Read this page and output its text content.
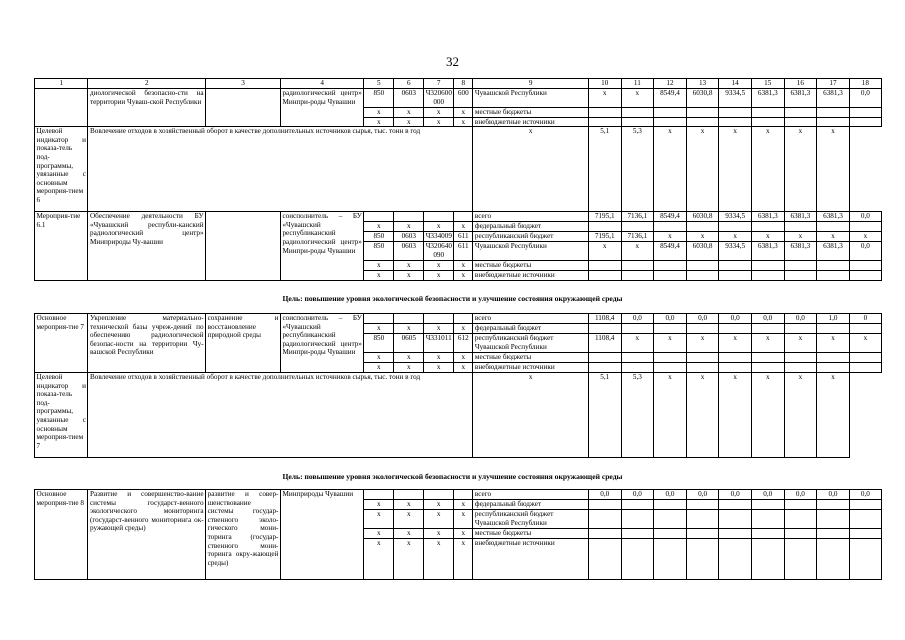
32
1	2	3	4	5	6	7	8	9	10	11	12	13	14	15	16	17	18
	диологической безопасно-сти на территории Чуваш-ской Республики		радиологический центр» Минпри-роды Чувашии	850	0603	Ч320600 000	600	Чувашской Республики	x	x	8549,4	6030,8	9334,5	6381,3	6381,3	6381,3	0,0
				x	x	x	x	местные бюджеты									
				x	x	x	x	внебюджетные источники									
Целевой индикатор и показа-тель под-программы, увязанные с основным мероприя-тием 6	Вовлечение отходов в хозяйственный оборот в качестве дополнительных источников сырья, тыс. тонн в год							x	5,1	5,3	x	x	x	x	x	x	
Мероприя-тие 6.1	Обеспечение деятельности БУ «Чувашский республи-канский радиологический центр» Минприроды Чу-вашии		соисполнитель – БУ «Чувашский республиканский радиологический центр» Минпри-роды Чувашии					всего	7195,1	7136,1	8549,4	6030,8	9334,5	6381,3	6381,3	6381,3	0,0
				x	x	x	x	федеральный бюджет									
				850	0603	Ч334009	611	республиканский бюджет	7195,1	7136,1	x	x	x	x	x	x	x
				850	0603	Ч320640 090	611	Чувашской Республики	x	x	8549,4	6030,8	9334,5	6381,3	6381,3	6381,3	0,0
				x	x	x	x	местные бюджеты									
				x	x	x	x	внебюджетные источники									
Цель: повышение уровня экологической безопасности и улучшение состояния окружающей среды
Основное мероприя-тие 7	Укрепление материально-технической базы учреж-дений по обеспечению радиологической безопас-ности на территории Чу-вашской Республики	сохранение и восстановление природной среды	соисполнитель – БУ «Чувашский республиканский радиологический центр» Минпри-роды Чувашии					всего	1108,4	0,0	0,0	0,0	0,0	0,0	0,0	1,0	0
				x	x	x	x	федеральный бюджет									
				850	0605	Ч331011	612	республиканский бюджет Чувашской Республики	1108,4	x	x	x	x	x	x	x	x
				x	x	x	x	местные бюджеты									
				x	x	x	x	внебюджетные источники									
Целевой индикатор и показа-тель под-программы, увязанные с основным мероприя-тием 7	Вовлечение отходов в хозяйственный оборот в качестве дополнительных источников сырья, тыс. тонн в год							x	5,1	5,3	x	x	x	x	x	x	
Цель: повышение уровня экологической безопасности и улучшение состояния окружающей среды
Основное мероприя-тие 8	Развитие и совершенство-вание системы государст-венного экологического мониторинга (государст-венного мониторинга ок-ружающей среды)	развитие и совер-шенствование системы государ-ственного эколо-гического мони-торинга (государ-ственного мони-торинга окру-жающей среды)	Минприроды Чувашии					всего	0,0	0,0	0,0	0,0	0,0	0,0	0,0	0,0	0,0
				x	x	x	x	федеральный бюджет									
				x	x	x	x	республиканский бюджет Чувашской Республики									
				x	x	x	x	местные бюджеты									
				x	x	x	x	внебюджетные источники									
